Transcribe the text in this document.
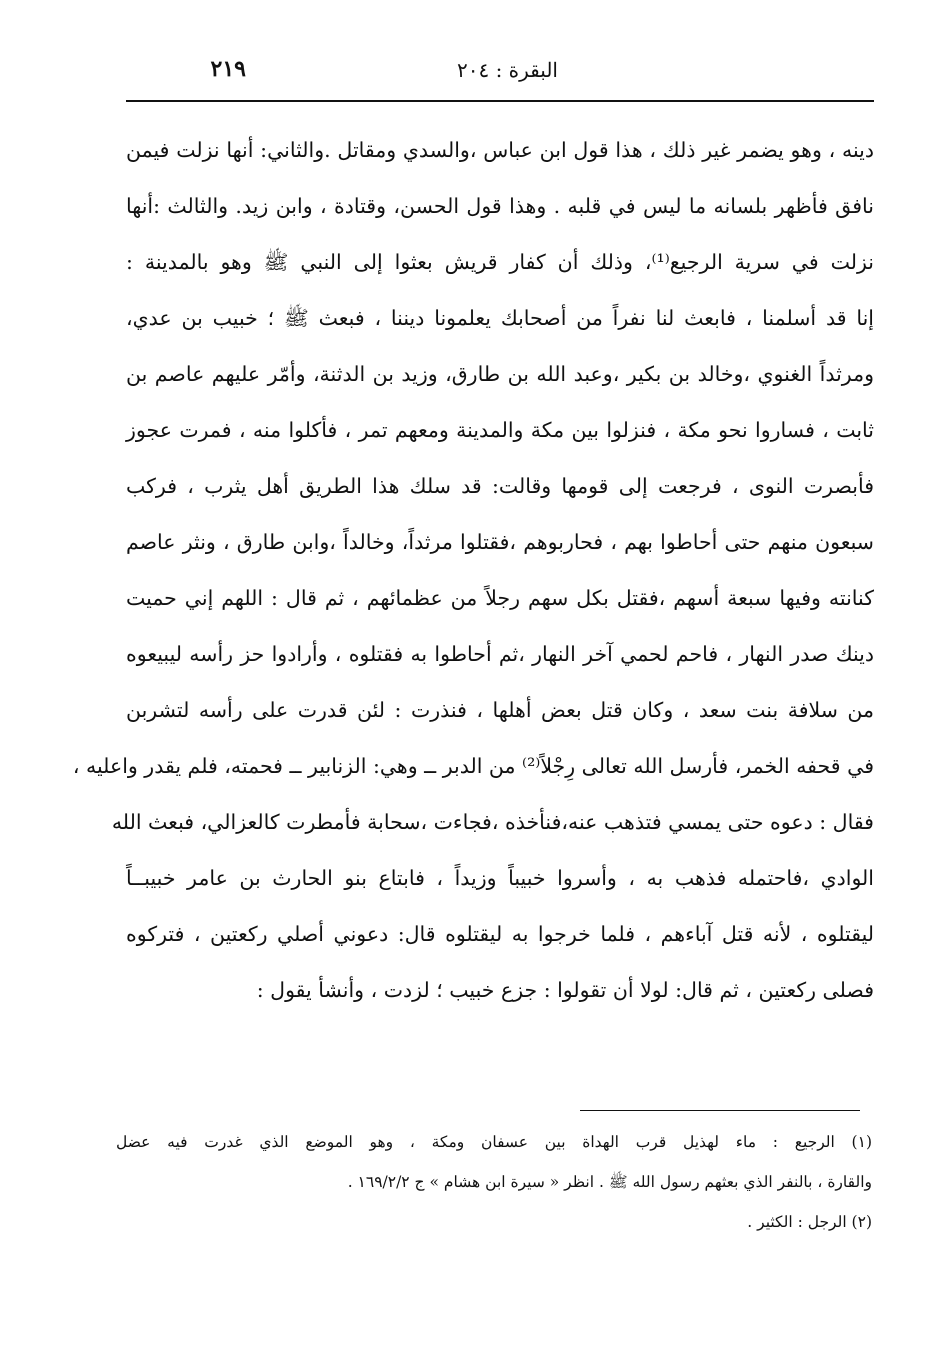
٢١٩	البقرة : ٢٠٤
دينه ، وهو يضمر غير ذلك ، هذا قول ابن عباس ،والسدي ومقاتل .والثاني: أنها نزلت فيمن
نافق فأظهر بلسانه ما ليس في قلبه . وهذا قول الحسن، وقتادة ، وابن زيد. والثالث :أنها
نزلت في سرية الرجيع⁽¹⁾، وذلك أن كفار قريش بعثوا إلى النبي ﷺ وهو بالمدينة :
إنا قد أسلمنا ، فابعث لنا نفراً من أصحابك يعلمونا ديننا ، فبعث ﷺ ؛ خبيب بن عدي،
ومرثداً الغنوي ،وخالد بن بكير ،وعبد الله بن طارق، وزيد بن الدثنة، وأمّر عليهم عاصم بن
ثابت ، فساروا نحو مكة ، فنزلوا بين مكة والمدينة ومعهم تمر ، فأكلوا منه ، فمرت عجوز
فأبصرت النوى ، فرجعت إلى قومها وقالت: قد سلك هذا الطريق أهل يثرب ، فركب
سبعون منهم حتى أحاطوا بهم ، فحاربوهم ،فقتلوا مرثداً، وخالداً ،وابن طارق ، ونثر عاصم
كنانته وفيها سبعة أسهم ،فقتل بكل سهم رجلاً من عظمائهم ، ثم قال : اللهم إني حميت
دينك صدر النهار ، فاحم لحمي آخر النهار ،ثم أحاطوا به فقتلوه ، وأرادوا حز رأسه ليبيعوه
من سلافة بنت سعد ، وكان قتل بعض أهلها ، فنذرت : لئن قدرت على رأسه لتشربن
في قحفه الخمر، فأرسل الله تعالى رِجْلاً⁽²⁾ من الدبر ــ وهي: الزنابير ــ فحمته، فلم يقدر واعليه ،
فقال : دعوه حتى يمسي فتذهب عنه،فنأخذه ،فجاءت ،سحابة فأمطرت كالعزالي، فبعث الله
الوادي ،فاحتمله فذهب به ، وأسروا خبيباً وزيداً ، فابتاع بنو الحارث بن عامر خبيبــاً
ليقتلوه ، لأنه قتل آباءهم ، فلما خرجوا به ليقتلوه قال: دعوني أصلي ركعتين ، فتركوه
فصلى ركعتين ، ثم قال: لولا أن تقولوا : جزع خبيب ؛ لزدت ، وأنشأ يقول :
(١) الرجيع : ماء لهذيل قرب الهداة بين عسفان ومكة ، وهو الموضع الذي غدرت فيه عضل
والقارة ، بالنفر الذي بعثهم رسول الله ﷺ . انظر « سيرة ابن هشام » ج ١٦٩/٢/٢ .
(٢) الرجل : الكثير .
